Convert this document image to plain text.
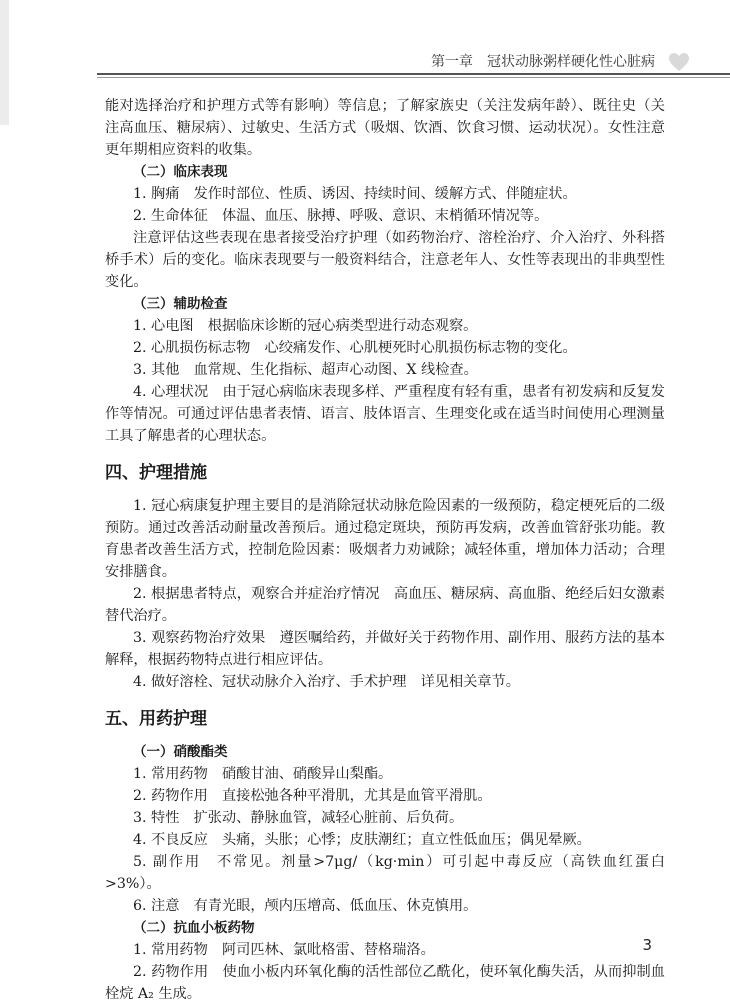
第一章　冠状动脉粥样硬化性心脏病

能对选择治疗和护理方式等有影响）等信息；了解家族史（关注发病年龄）、既往史（关注高血压、糖尿病）、过敏史、生活方式（吸烟、饮酒、饮食习惯、运动状况）。女性注意更年期相应资料的收集。

（二）临床表现

1. 胸痛　发作时部位、性质、诱因、持续时间、缓解方式、伴随症状。

2. 生命体征　体温、血压、脉搏、呼吸、意识、末梢循环情况等。

注意评估这些表现在患者接受治疗护理（如药物治疗、溶栓治疗、介入治疗、外科搭桥手术）后的变化。临床表现要与一般资料结合，注意老年人、女性等表现出的非典型性变化。

（三）辅助检查

1. 心电图　根据临床诊断的冠心病类型进行动态观察。

2. 心肌损伤标志物　心绞痛发作、心肌梗死时心肌损伤标志物的变化。

3. 其他　血常规、生化指标、超声心动图、X 线检查。

4. 心理状况　由于冠心病临床表现多样、严重程度有轻有重，患者有初发病和反复发作等情况。可通过评估患者表情、语言、肢体语言、生理变化或在适当时间使用心理测量工具了解患者的心理状态。

四、护理措施

1. 冠心病康复护理主要目的是消除冠状动脉危险因素的一级预防，稳定梗死后的二级预防。通过改善活动耐量改善预后。通过稳定斑块，预防再发病，改善血管舒张功能。教育患者改善生活方式，控制危险因素：吸烟者力劝诫除；减轻体重，增加体力活动；合理安排膳食。

2. 根据患者特点，观察合并症治疗情况　高血压、糖尿病、高血脂、绝经后妇女激素替代治疗。

3. 观察药物治疗效果　遵医嘱给药，并做好关于药物作用、副作用、服药方法的基本解释，根据药物特点进行相应评估。

4. 做好溶栓、冠状动脉介入治疗、手术护理　详见相关章节。

五、用药护理
（一）硝酸酯类

1. 常用药物　硝酸甘油、硝酸异山梨酯。

2. 药物作用　直接松弛各种平滑肌，尤其是血管平滑肌。

3. 特性　扩张动、静脉血管，减轻心脏前、后负荷。

4. 不良反应　头痛，头胀；心悸；皮肤潮红；直立性低血压；偶见晕厥。

5. 副作用　不常见。剂量>7μg/（kg·min）可引起中毒反应（高铁血红蛋白>3%）。

6. 注意　有青光眼，颅内压增高、低血压、休克慎用。

（二）抗血小板药物

1. 常用药物　阿司匹林、氯吡格雷、替格瑞洛。

2. 药物作用　使血小板内环氧化酶的活性部位乙酰化，使环氧化酶失活，从而抑制血栓烷 A₂ 生成。

3
